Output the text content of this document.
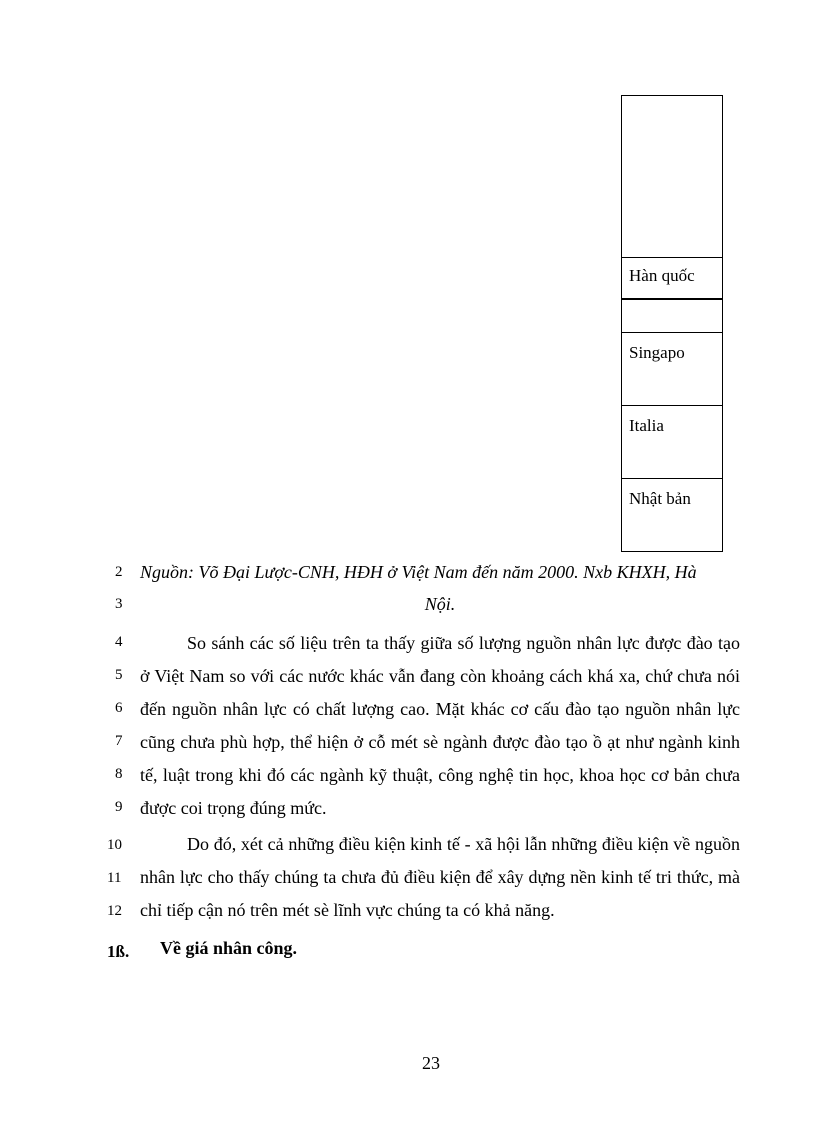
Hàn quốc
Singapo
Italia
Nhật bản
2
3
4
5
6
7
8
9
10
11
12
Nguồn: Võ Đại Lược-CNH, HĐH ở Việt Nam đến năm 2000. Nxb KHXH, Hà
Nội.

So sánh các số liệu trên ta thấy giữa số lượng nguồn nhân lực được đào tạo ở Việt Nam so với các nước khác vẫn đang còn khoảng cách khá xa, chứ chưa nói đến nguồn nhân lực có chất lượng cao. Mặt khác cơ cấu đào tạo nguồn nhân lực cũng chưa phù hợp, thể hiện ở cỗ mét sè ngành được đào tạo ồ ạt như ngành kinh tế, luật trong khi đó các ngành kỹ thuật, công nghệ tin học, khoa học cơ bản chưa được coi trọng đúng mức.

Do đó, xét cả những điều kiện kinh tế - xã hội lẫn những điều kiện về nguồn nhân lực cho thấy chúng ta chưa đủ điều kiện để xây dựng nền kinh tế tri thức, mà chỉ tiếp cận nó trên mét sè lĩnh vực chúng ta có khả năng.

1ß. Về giá nhân công.
23
